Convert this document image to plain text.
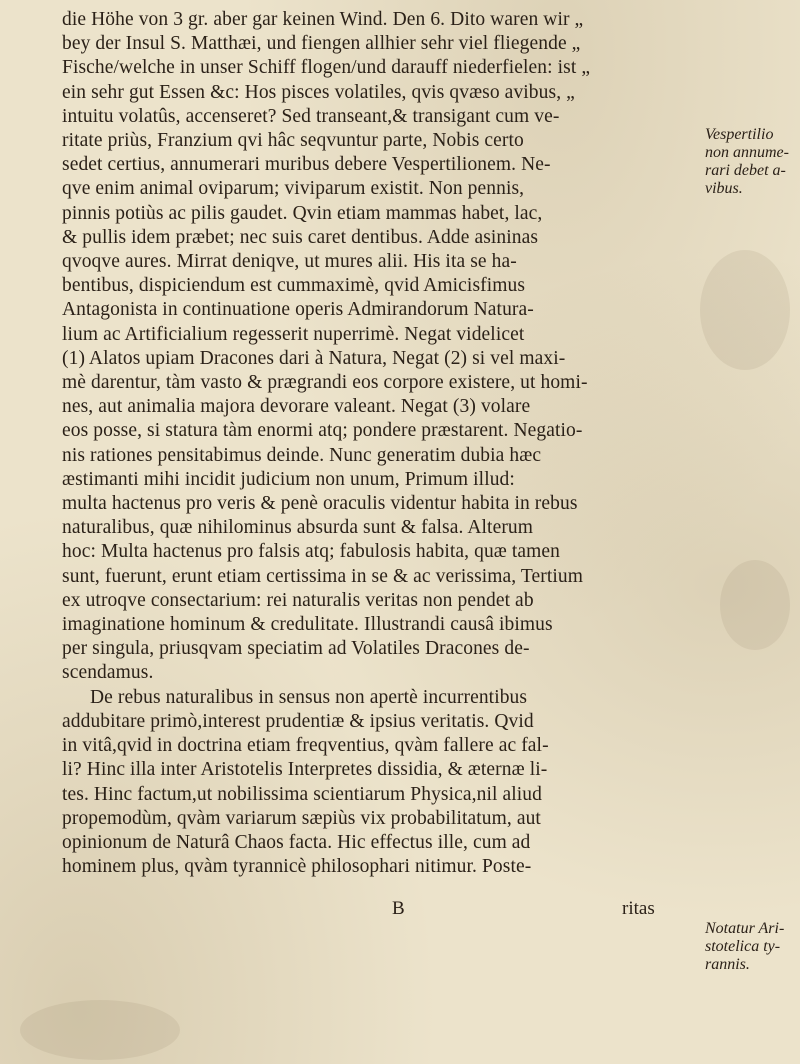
die Höhe von 3 gr. aber gar keinen Wind. Den 6. Dito waren wir „
bey der Insul S. Matthæi, und fiengen allhier sehr viel fliegende „
Fische/welche in unser Schiff flogen/und darauff niederfielen: ist „
ein sehr gut Essen &c: Hos pisces volatiles, qvis qvæso avibus, „
intuitu volatûs, accenseret? Sed transeant,& transigant cum ve-
ritate priùs, Franzium qvi hâc seqvuntur parte, Nobis certo
sedet certius, annumerari muribus debere Vespertilionem. Ne-
qve enim animal oviparum; viviparum existit. Non pennis,
pinnis potiùs ac pilis gaudet. Qvin etiam mammas habet, lac,
& pullis idem præbet; nec suis caret dentibus. Adde asininas
qvoqve aures. Mirrat deniqve, ut mures alii. His ita se ha-
bentibus, dispiciendum est cummaximè, qvid Amicisfimus
Antagonista in continuatione operis Admirandorum Natura-
lium ac Artificialium regesserit nuperrimè. Negat videlicet
(1) Alatos upiam Dracones dari à Natura, Negat (2) si vel maxi-
mè darentur, tàm vasto & prægrandi eos corpore existere, ut homi-
nes, aut animalia majora devorare valeant. Negat (3) volare
eos posse, si statura tàm enormi atq; pondere præstarent. Negatio-
nis rationes pensitabimus deinde. Nunc generatim dubia hæc
æstimanti mihi incidit judicium non unum, Primum illud:
multa hactenus pro veris & penè oraculis videntur habita in rebus
naturalibus, quæ nihilominus absurda sunt & falsa. Alterum
hoc: Multa hactenus pro falsis atq; fabulosis habita, quæ tamen
sunt, fuerunt, erunt etiam certissima in se & ac verissima, Tertium
ex utroqve consectarium: rei naturalis veritas non pendet ab
imaginatione hominum & credulitate. Illustrandi causâ ibimus
per singula, priusqvam speciatim ad Volatiles Dracones de-
scendamus.
De rebus naturalibus in sensus non apertè incurrentibus
addubitare primò,interest prudentiæ & ipsius veritatis. Qvid
in vitâ,qvid in doctrina etiam freqventius, qvàm fallere ac fal-
li? Hinc illa inter Aristotelis Interpretes dissidia, & æternæ li-
tes. Hinc factum,ut nobilissima scientiarum Physica,nil aliud
propemodùm, qvàm variarum sæpiùs vix probabilitatum, aut
opinionum de Naturâ Chaos facta. Hic effectus ille, cum ad
hominem plus, qvàm tyrannicè philosophari nitimur. Poste-
Vespertilio
non annume-
rari debet a-
vibus.
Notatur Ari-
stotelica ty-
rannis.
B	ritas
